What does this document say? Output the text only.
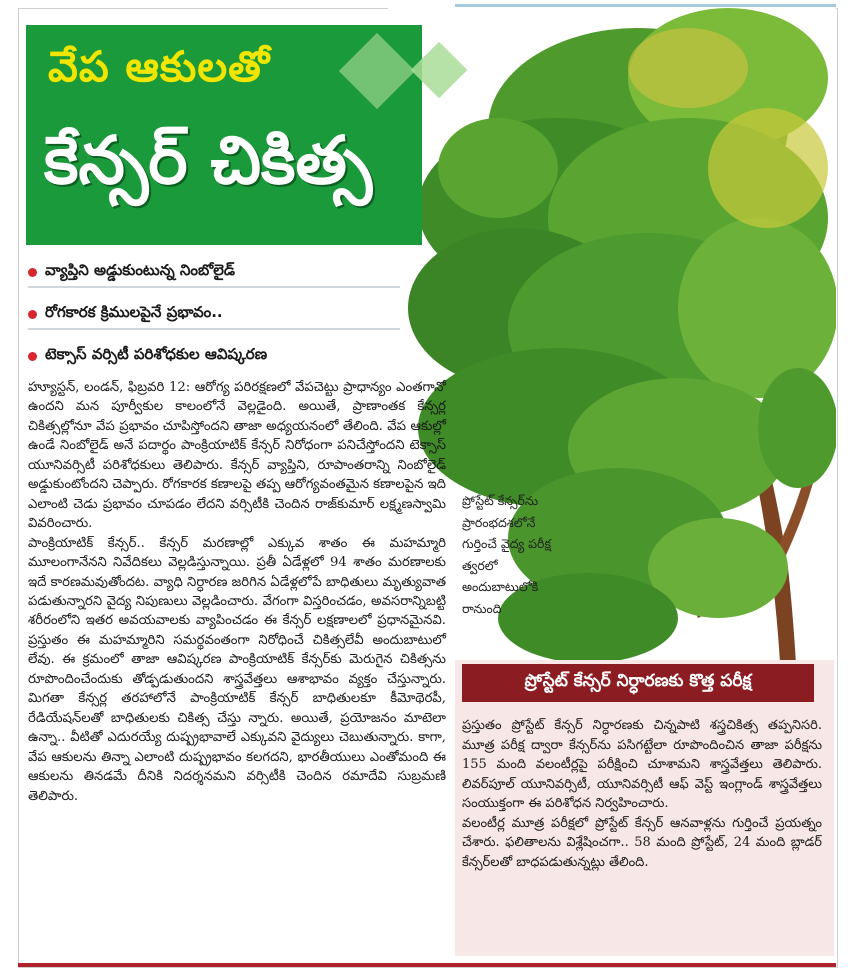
వేప ఆకులతో
కేన్సర్ చికిత్స
వ్యాప్తిని అడ్డుకుంటున్న నింబోలైడ్
రోగకారక క్రిములపైనే ప్రభావం..
టెక్సాస్ వర్సిటీ పరిశోధకుల ఆవిష్కరణ

హ్యూస్టన్, లండన్, ఫిబ్రవరి 12: ఆరోగ్య పరిరక్షణలో వేపచెట్టు ప్రాధాన్యం ఎంతగానో ఉందని మన పూర్వీకుల కాలంలోనే వెల్లడైంది. అయితే, ప్రాణాంతక కేన్సర్ల చికిత్సల్లోనూ వేప ప్రభావం చూపిస్తోందని తాజా అధ్యయనంలో తేలింది. వేప ఆకుల్లో ఉండే నింబోలైడ్ అనే పదార్థం పాంక్రియాటిక్ కేన్సర్ నిరోధంగా పనిచేస్తోందని టెక్సాస్ యూనివర్సిటీ పరిశోధకులు తెలిపారు. కేన్సర్ వ్యాప్తిని, రూపాంతరాన్ని నింబోలైడ్ అడ్డుకుంటోందని చెప్పారు. రోగకారక కణాలపై తప్ప ఆరోగ్యవంతమైన కణాలపైన ఇది ఎలాంటి చెడు ప్రభావం చూపడం లేదని వర్సిటీకి చెందిన రాజ్‌కుమార్ లక్ష్మణస్వామి వివరించారు.

పాంక్రియాటిక్ కేన్సర్.. కేన్సర్ మరణాల్లో ఎక్కువ శాతం ఈ మహమ్మారి మూలంగానేనని నివేదికలు వెల్లడిస్తున్నాయి. ప్రతీ ఏడేళ్లలో 94 శాతం మరణాలకు ఇదే కారణమవుతోందట. వ్యాధి నిర్ధారణ జరిగిన ఏడేళ్లలోపే బాధితులు మృత్యువాత పడుతున్నారని వైద్య నిపుణులు వెల్లడించారు. వేగంగా విస్తరించడం, అవసరాన్నిబట్టి శరీరంలోని ఇతర అవయవాలకు వ్యాపించడం ఈ కేన్సర్ లక్షణాలలో ప్రధానమైనవి. ప్రస్తుతం ఈ మహమ్మారిని సమర్థవంతంగా నిరోధించే చికిత్సలేవీ అందుబాటులో లేవు. ఈ క్రమంలో తాజా ఆవిష్కరణ పాంక్రియాటిక్ కేన్సర్‌కు మెరుగైన చికిత్సను రూపొందించేందుకు తోడ్పడుతుందని శాస్త్రవేత్తలు ఆశాభావం వ్యక్తం చేస్తున్నారు. మిగతా కేన్సర్ల తరహాలోనే పాంక్రియాటిక్ కేన్సర్ బాధితులకూ కీమోథెరపీ, రేడియేషన్‌లతో బాధితులకు చికిత్స చేస్తు న్నారు. అయితే, ప్రయోజనం మాటెలా ఉన్నా.. వీటితో ఎదురయ్యే దుష్ప్రభావాలే ఎక్కువని వైద్యులు చెబుతున్నారు. కాగా, వేప ఆకులను తిన్నా ఎలాంటి దుష్ప్రభావం కలగదని, భారతీయులు ఎంతోమంది ఈ ఆకులను తినడమే దీనికి నిదర్శనమని వర్సిటీకి చెందిన రమాదేవి సుబ్రమణి తెలిపారు.

ప్రోస్టేట్ కేన్సర్‌ను ప్రారంభదశలోనే గుర్తించే వైద్య పరీక్ష త్వరలో అందుబాటులోకి రానుంది
ప్రోస్టేట్ కేన్సర్ నిర్ధారణకు కొత్త పరీక్ష

ప్రస్తుతం ప్రోస్టేట్ కేన్సర్ నిర్ధారణకు చిన్నపాటి శస్త్రచికిత్స తప్పనిసరి. మూత్ర పరీక్ష ద్వారా కేన్సర్‌ను పసిగట్టేలా రూపొందించిన తాజా పరీక్షను 155 మంది వలంటీర్లపై పరీక్షించి చూశామని శాస్త్రవేత్తలు తెలిపారు. లివర్‌పూల్ యూనివర్సిటీ, యూనివర్సిటీ ఆఫ్ వెస్ట్ ఇంగ్లాండ్ శాస్త్రవేత్తలు సంయుక్తంగా ఈ పరిశోధన నిర్వహించారు.

వలంటీర్ల మూత్ర పరీక్షలో ప్రోస్టేట్ కేన్సర్ ఆనవాళ్లను గుర్తించే ప్రయత్నం చేశారు. ఫలితాలను విశ్లేషించగా.. 58 మంది ప్రోస్టేట్, 24 మంది బ్లాడర్ కేన్సర్‌లతో బాధపడుతున్నట్లు తేలింది.
